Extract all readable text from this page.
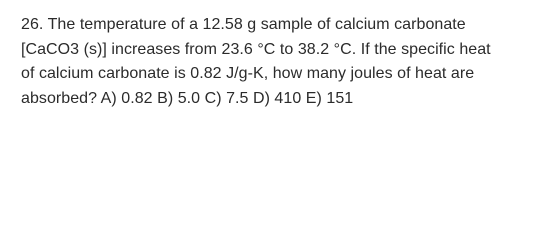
26. The temperature of a 12.58 g sample of calcium carbonate
[CaCO3 (s)] increases from 23.6 °C to 38.2 °C. If the specific heat
of calcium carbonate is 0.82 J/g-K, how many joules of heat are
absorbed? A) 0.82 B) 5.0 C) 7.5 D) 410 E) 151
